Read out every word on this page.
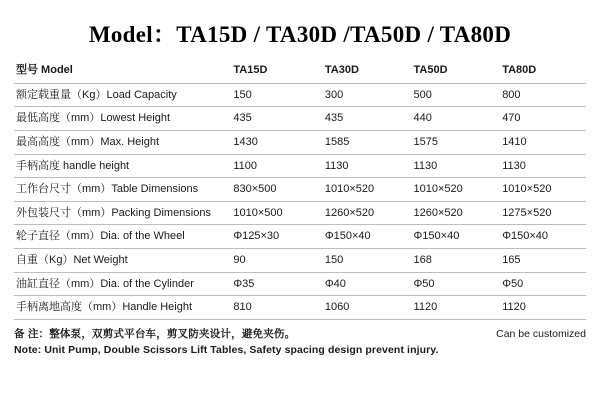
Model：TA15D / TA30D /TA50D / TA80D
型号 Model	TA15D	TA30D	TA50D	TA80D
额定载重量（Kg）Load Capacity	150	300	500	800
最低高度（mm）Lowest Height	435	435	440	470
最高高度（mm）Max. Height	1430	1585	1575	1410
手柄高度 handle height	1100	1130	1130	1130
工作台尺寸（mm）Table Dimensions	830×500	1010×520	1010×520	1010×520
外包装尺寸（mm）Packing Dimensions	1010×500	1260×520	1260×520	1275×520
轮子直径（mm）Dia. of the Wheel	Φ125×30	Φ150×40	Φ150×40	Φ150×40
自重（Kg）Net Weight	90	150	168	165
油缸直径（mm）Dia. of the Cylinder	Φ35	Φ40	Φ50	Φ50
手柄离地高度（mm）Handle Height	810	1060	1120	1120
备 注：整体泵，双剪式平台车，剪叉防夹设计，避免夹伤。
Note: Unit Pump, Double Scissors Lift Tables, Safety spacing design prevent injury.
Can be customized
